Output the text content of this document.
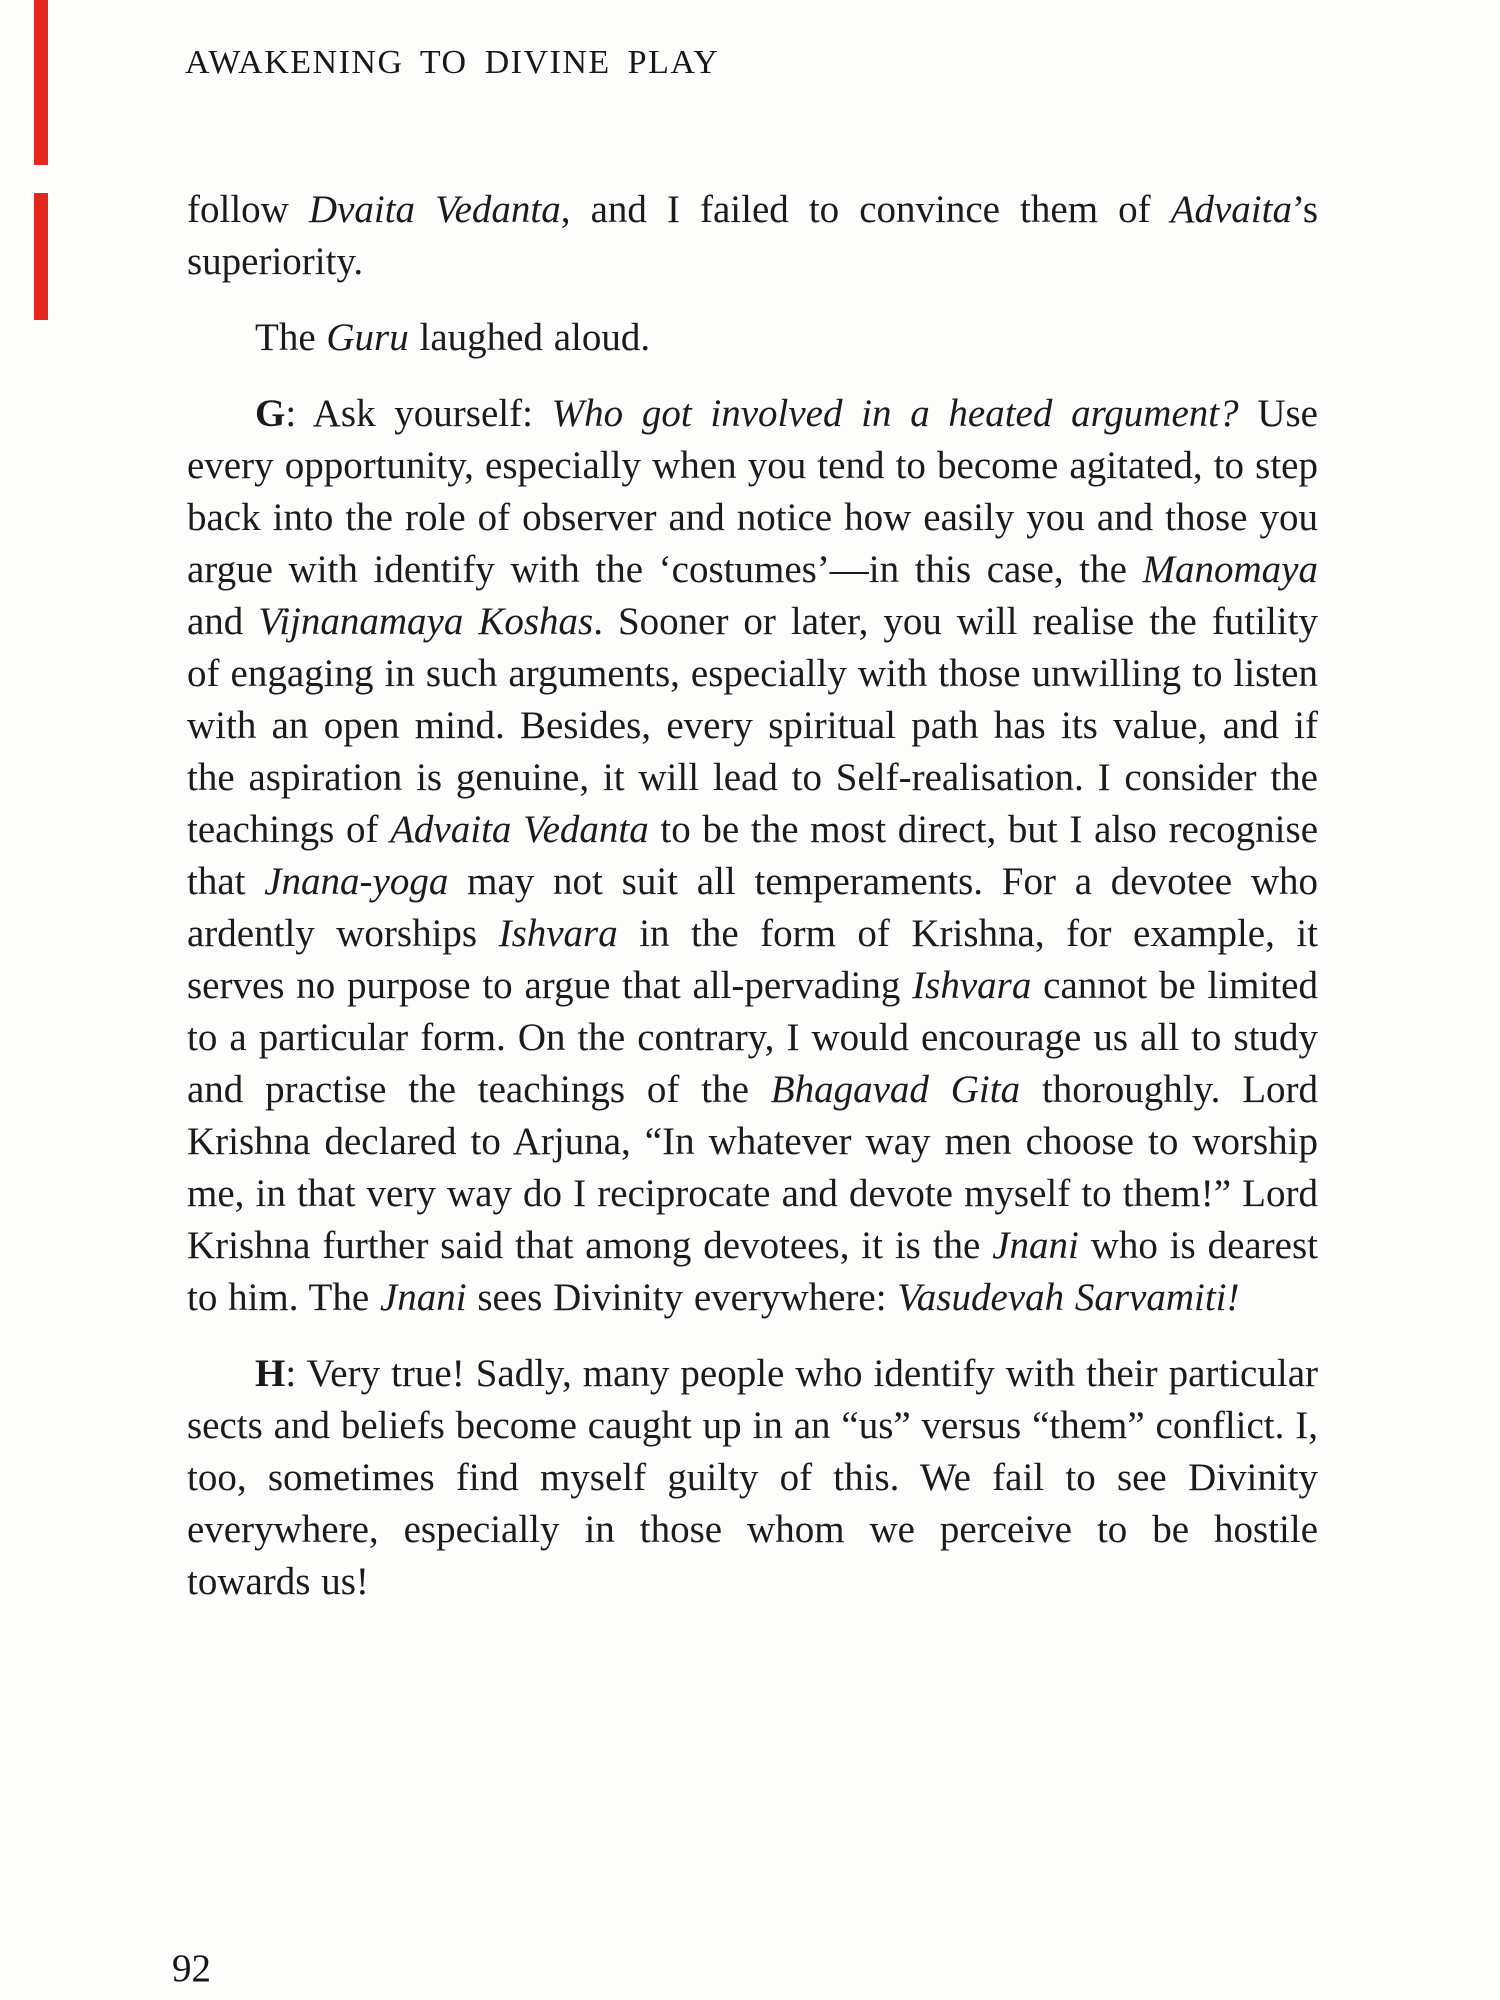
AWAKENING TO DIVINE PLAY

follow Dvaita Vedanta, and I failed to convince them of Advaita’s superiority.

The Guru laughed aloud.

G: Ask yourself: Who got involved in a heated argument? Use every opportunity, especially when you tend to become agitated, to step back into the role of observer and notice how easily you and those you argue with identify with the ‘costumes’—in this case, the Manomaya and Vijnanamaya Koshas. Sooner or later, you will realise the futility of engaging in such arguments, especially with those unwilling to listen with an open mind. Besides, every spiritual path has its value, and if the aspiration is genuine, it will lead to Self-realisation. I consider the teachings of Advaita Vedanta to be the most direct, but I also recognise that Jnana-yoga may not suit all temperaments. For a devotee who ardently worships Ishvara in the form of Krishna, for example, it serves no purpose to argue that all-pervading Ishvara cannot be limited to a particular form. On the contrary, I would encourage us all to study and practise the teachings of the Bhagavad Gita thoroughly. Lord Krishna declared to Arjuna, “In whatever way men choose to worship me, in that very way do I reciprocate and devote myself to them!” Lord Krishna further said that among devotees, it is the Jnani who is dearest to him. The Jnani sees Divinity everywhere: Vasudevah Sarvamiti!

H: Very true! Sadly, many people who identify with their particular sects and beliefs become caught up in an “us” versus “them” conflict. I, too, sometimes find myself guilty of this. We fail to see Divinity everywhere, especially in those whom we perceive to be hostile towards us!

92
